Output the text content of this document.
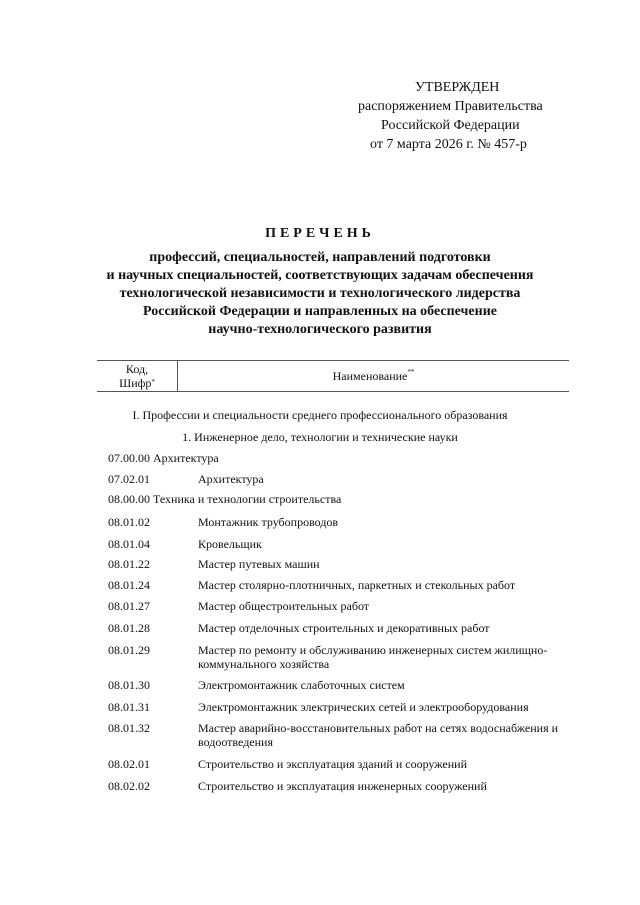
УТВЕРЖДЕН
распоряжением Правительства
Российской Федерации
от 7 марта 2026 г. № 457-р
ПЕРЕЧЕНЬ
профессий, специальностей, направлений подготовки
и научных специальностей, соответствующих задачам обеспечения
технологической независимости и технологического лидерства
Российской Федерации и направленных на обеспечение
научно-технологического развития
Код,
Шифр*	Наименование**
I. Профессии и специальности среднего профессионального образования
1. Инженерное дело, технологии и технические науки
07.00.00 Архитектура
07.02.01	Архитектура
08.00.00 Техника и технологии строительства
08.01.02	Монтажник трубопроводов
08.01.04	Кровельщик
08.01.22	Мастер путевых машин
08.01.24	Мастер столярно-плотничных, паркетных и стекольных работ
08.01.27	Мастер общестроительных работ
08.01.28	Мастер отделочных строительных и декоративных работ
08.01.29	Мастер по ремонту и обслуживанию инженерных систем жилищно-коммунального хозяйства
08.01.30	Электромонтажник слаботочных систем
08.01.31	Электромонтажник электрических сетей и электрооборудования
08.01.32	Мастер аварийно-восстановительных работ на сетях водоснабжения и водоотведения
08.02.01	Строительство и эксплуатация зданий и сооружений
08.02.02	Строительство и эксплуатация инженерных сооружений
